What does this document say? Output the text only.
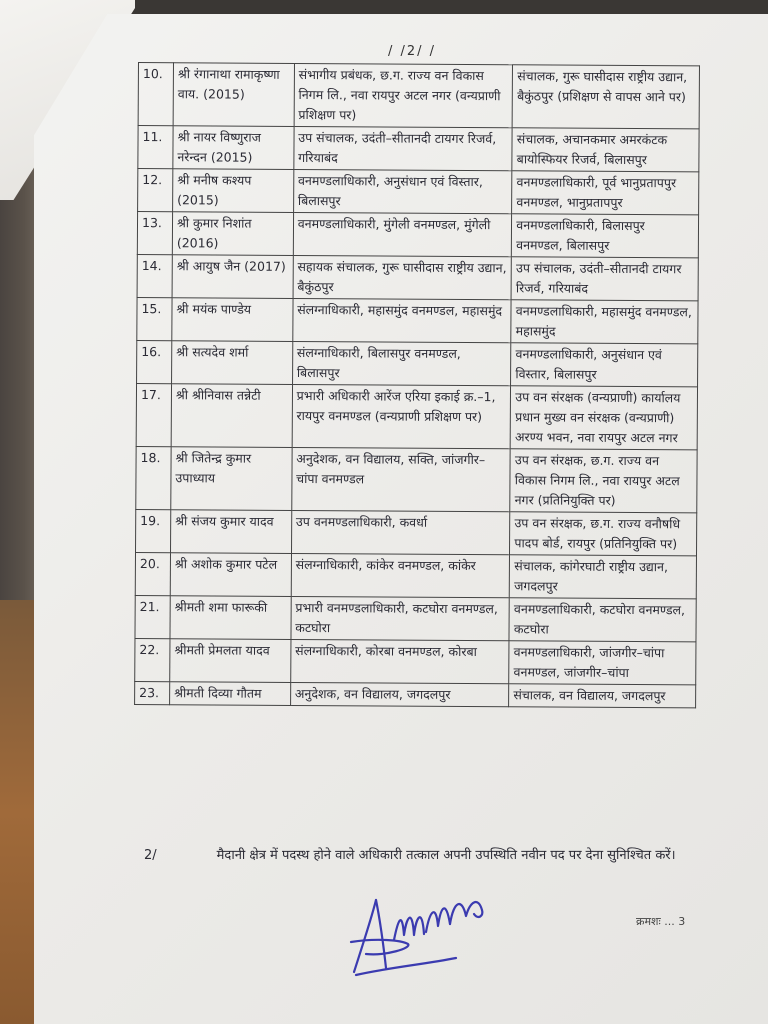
/ /2/ /
10.	श्री रंगानाथा रामाकृष्णा वाय. (2015)	संभागीय प्रबंधक, छ.ग. राज्य वन विकास निगम लि., नवा रायपुर अटल नगर (वन्यप्राणी प्रशिक्षण पर)	संचालक, गुरू घासीदास राष्ट्रीय उद्यान, बैकुंठपुर (प्रशिक्षण से वापस आने पर)
11.	श्री नायर विष्णुराज नरेन्दन (2015)	उप संचालक, उदंती–सीतानदी टायगर रिजर्व, गरियाबंद	संचालक, अचानकमार अमरकंटक बायोस्फियर रिजर्व, बिलासपुर
12.	श्री मनीष कश्यप (2015)	वनमण्डलाधिकारी, अनुसंधान एवं विस्तार, बिलासपुर	वनमण्डलाधिकारी, पूर्व भानुप्रतापपुर वनमण्डल, भानुप्रतापपुर
13.	श्री कुमार निशांत (2016)	वनमण्डलाधिकारी, मुंगेली वनमण्डल, मुंगेली	वनमण्डलाधिकारी, बिलासपुर वनमण्डल, बिलासपुर
14.	श्री आयुष जैन (2017)	सहायक संचालक, गुरू घासीदास राष्ट्रीय उद्यान, बैकुंठपुर	उप संचालक, उदंती–सीतानदी टायगर रिजर्व, गरियाबंद
15.	श्री मयंक पाण्डेय	संलग्नाधिकारी, महासमुंद वनमण्डल, महासमुंद	वनमण्डलाधिकारी, महासमुंद वनमण्डल, महासमुंद
16.	श्री सत्यदेव शर्मा	संलग्नाधिकारी, बिलासपुर वनमण्डल, बिलासपुर	वनमण्डलाधिकारी, अनुसंधान एवं विस्तार, बिलासपुर
17.	श्री श्रीनिवास तन्नेटी	प्रभारी अधिकारी आरेंज एरिया इकाई क्र.–1, रायपुर वनमण्डल (वन्यप्राणी प्रशिक्षण पर)	उप वन संरक्षक (वन्यप्राणी) कार्यालय प्रधान मुख्य वन संरक्षक (वन्यप्राणी) अरण्य भवन, नवा रायपुर अटल नगर
18.	श्री जितेन्द्र कुमार उपाध्याय	अनुदेशक, वन विद्यालय, सक्ति, जांजगीर–चांपा वनमण्डल	उप वन संरक्षक, छ.ग. राज्य वन विकास निगम लि., नवा रायपुर अटल नगर (प्रतिनियुक्ति पर)
19.	श्री संजय कुमार यादव	उप वनमण्डलाधिकारी, कवर्धा	उप वन संरक्षक, छ.ग. राज्य वनौषधि पादप बोर्ड, रायपुर (प्रतिनियुक्ति पर)
20.	श्री अशोक कुमार पटेल	संलग्नाधिकारी, कांकेर वनमण्डल, कांकेर	संचालक, कांगेरघाटी राष्ट्रीय उद्यान, जगदलपुर
21.	श्रीमती शमा फारूकी	प्रभारी वनमण्डलाधिकारी, कटघोरा वनमण्डल, कटघोरा	वनमण्डलाधिकारी, कटघोरा वनमण्डल, कटघोरा
22.	श्रीमती प्रेमलता यादव	संलग्नाधिकारी, कोरबा वनमण्डल, कोरबा	वनमण्डलाधिकारी, जांजगीर–चांपा वनमण्डल, जांजगीर–चांपा
23.	श्रीमती दिव्या गौतम	अनुदेशक, वन विद्यालय, जगदलपुर	संचालक, वन विद्यालय, जगदलपुर
2/	मैदानी क्षेत्र में पदस्थ होने वाले अधिकारी तत्काल अपनी उपस्थिति नवीन पद पर देना सुनिश्चित करें।
क्रमशः ... 3
